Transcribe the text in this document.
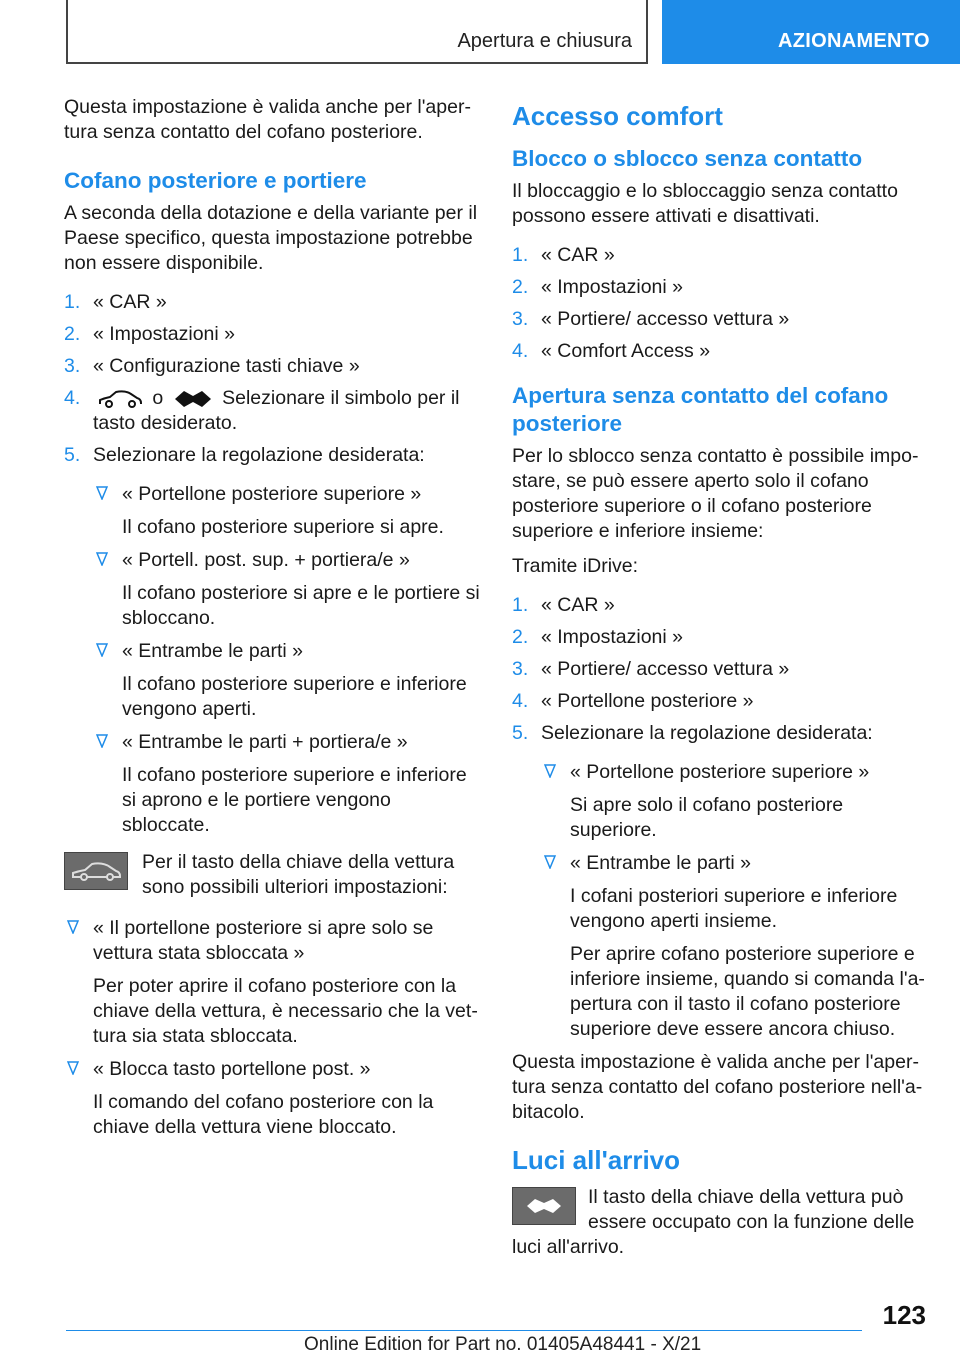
Apertura e chiusura	AZIONAMENTO

Questa impostazione è valida anche per l'apertura senza contatto del cofano posteriore.

Cofano posteriore e portiere

A seconda della dotazione e della variante per il Paese specifico, questa impostazione potrebbe non essere disponibile.

1. « CAR »
2. « Impostazioni »
3. « Configurazione tasti chiave »
4.	o	Selezionare il simbolo per il tasto desiderato.
5. Selezionare la regolazione desiderata:
« Portellone posteriore superiore »
Il cofano posteriore superiore si apre.
« Portell. post. sup. + portiera/e »
Il cofano posteriore si apre e le portiere si sbloccano.
« Entrambe le parti »
Il cofano posteriore superiore e inferiore vengono aperti.
« Entrambe le parti + portiera/e »
Il cofano posteriore superiore e inferiore si aprono e le portiere vengono sbloccate.
Per il tasto della chiave della vettura sono possibili ulteriori impostazioni:
« Il portellone posteriore si apre solo se vettura stata sbloccata »
Per poter aprire il cofano posteriore con la chiave della vettura, è necessario che la vettura sia stata sbloccata.
« Blocca tasto portellone post. »
Il comando del cofano posteriore con la chiave della vettura viene bloccato.
Accesso comfort
Blocco o sblocco senza contatto

Il bloccaggio e lo sbloccaggio senza contatto possono essere attivati e disattivati.

1. « CAR »
2. « Impostazioni »
3. « Portiere/ accesso vettura »
4. « Comfort Access »
Apertura senza contatto del cofano posteriore

Per lo sblocco senza contatto è possibile impostare, se può essere aperto solo il cofano posteriore superiore o il cofano posteriore superiore e inferiore insieme:

Tramite iDrive:

1. « CAR »
2. « Impostazioni »
3. « Portiere/ accesso vettura »
4. « Portellone posteriore »
5. Selezionare la regolazione desiderata:
« Portellone posteriore superiore »
Si apre solo il cofano posteriore superiore.
« Entrambe le parti »
I cofani posteriori superiore e inferiore vengono aperti insieme.
Per aprire cofano posteriore superiore e inferiore insieme, quando si comanda l'apertura con il tasto il cofano posteriore superiore deve essere ancora chiuso.

Questa impostazione è valida anche per l'apertura senza contatto del cofano posteriore nell'abitacolo.

Luci all'arrivo
Il tasto della chiave della vettura può essere occupato con la funzione delle luci all'arrivo.
123
Online Edition for Part no. 01405A48441 - X/21
